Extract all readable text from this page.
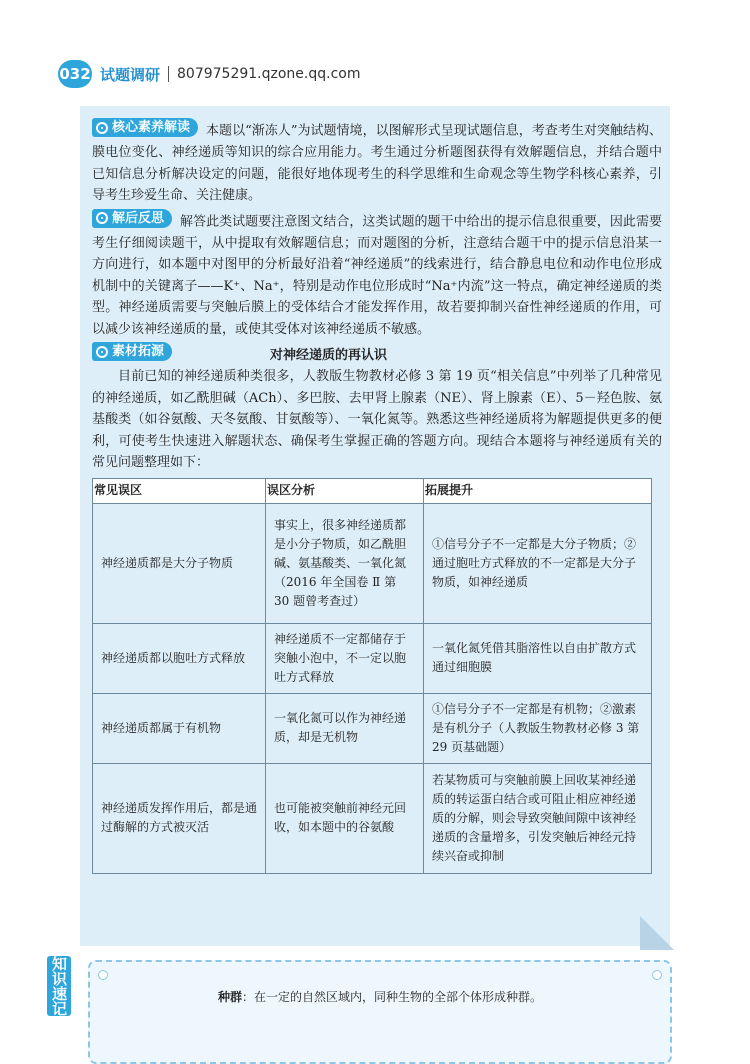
032 试题调研 807975291.qzone.qq.com

核心素养解读 本题以“渐冻人”为试题情境，以图解形式呈现试题信息，考查考生对突触结构、膜电位变化、神经递质等知识的综合应用能力。考生通过分析题图获得有效解题信息，并结合题中已知信息分析解决设定的问题，能很好地体现考生的科学思维和生命观念等生物学科核心素养，引导考生珍爱生命、关注健康。

解后反思 解答此类试题要注意图文结合，这类试题的题干中给出的提示信息很重要，因此需要考生仔细阅读题干，从中提取有效解题信息；而对题图的分析，注意结合题干中的提示信息沿某一方向进行，如本题中对图甲的分析最好沿着“神经递质”的线索进行，结合静息电位和动作电位形成机制中的关键离子——K⁺、Na⁺，特别是动作电位形成时“Na⁺内流”这一特点，确定神经递质的类型。神经递质需要与突触后膜上的受体结合才能发挥作用，故若要抑制兴奋性神经递质的作用，可以减少该神经递质的量，或使其受体对该神经递质不敏感。

素材拓源	对神经递质的再认识

目前已知的神经递质种类很多，人教版生物教材必修 3 第 19 页“相关信息”中列举了几种常见的神经递质，如乙酰胆碱（ACh）、多巴胺、去甲肾上腺素（NE）、肾上腺素（E）、5－羟色胺、氨基酸类（如谷氨酸、天冬氨酸、甘氨酸等）、一氧化氮等。熟悉这些神经递质将为解题提供更多的便利，可使考生快速进入解题状态、确保考生掌握正确的答题方向。现结合本题将与神经递质有关的常见问题整理如下：

常见误区	误区分析	拓展提升
神经递质都是大分子物质	事实上，很多神经递质都是小分子物质，如乙酰胆碱、氨基酸类、一氧化氮（2016 年全国卷 Ⅱ 第 30 题曾考查过）	①信号分子不一定都是大分子物质；②通过胞吐方式释放的不一定都是大分子物质，如神经递质
神经递质都以胞吐方式释放	神经递质不一定都储存于突触小泡中，不一定以胞吐方式释放	一氧化氮凭借其脂溶性以自由扩散方式通过细胞膜
神经递质都属于有机物	一氧化氮可以作为神经递质，却是无机物	①信号分子不一定都是有机物；②激素是有机分子（人教版生物教材必修 3 第 29 页基础题）
神经递质发挥作用后，都是通过酶解的方式被灭活	也可能被突触前神经元回收，如本题中的谷氨酸	若某物质可与突触前膜上回收某神经递质的转运蛋白结合或可阻止相应神经递质的分解，则会导致突触间隙中该神经递质的含量增多，引发突触后神经元持续兴奋或抑制
知识速记	种群：在一定的自然区域内，同种生物的全部个体形成种群。
